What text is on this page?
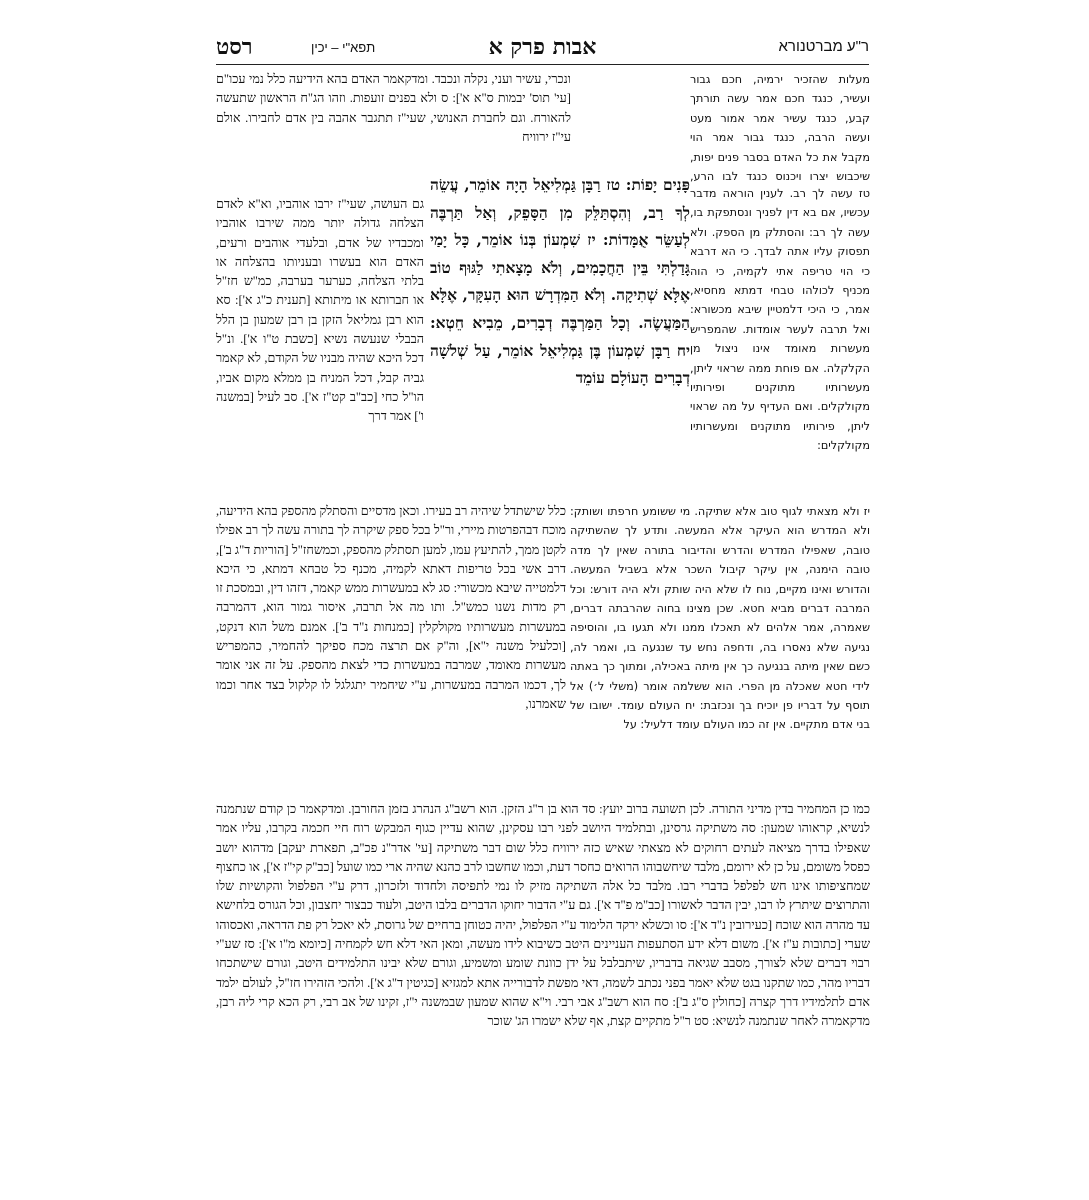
ר"ע מברטנורא
אבות פרק א
תפא"י – יכין
רסט

מעלות שהזכיר ירמיה, חכם גבור ועשיר, כנגד חכם אמר עשה תורתך קבע, כנגד עשיר אמר אמור מעט ועשה הרבה, כנגד גבור אמר הוי מקבל את כל האדם בסבר פנים יפות, שיכבוש יצרו ויכנוס כנגד לבו הרע,

טז עשה לך רב. לענין הוראה מדבר עכשיו, אם בא דין לפניך ונסתפקת בו, עשה לך רב: והסתלק מן הספק. ולא תפסוק עליו אתה לבדך. כי הא דרבא כי הוי טריפה אתי לקמיה, כי הוה מכניף לכולהו טבחי דמתא מחסיא, אמר, כי היכי דלמטיין שיבא מכשורא: ואל תרבה לעשר אומדות. שהמפריש מעשרות מאומד אינו ניצול מן הקלקלה. אם פוחת ממה שראוי ליתן, מעשרותיו מתוקנים ופירותיו מקולקלים. ואם העדיף על מה שראוי ליתן, פירותיו מתוקנים ומעשרותיו מקולקלים:

פָּנִים יָפוֹת: טז רַבָּן גַּמְלִיאֵל הָיָה אוֹמֵר, עֲשֵׂה לְךָ רַב, וְהִסְתַּלֵּק מִן הַסָּפֵק, וְאַל תַּרְבֶּה לְעַשֵּׂר אֻמָּדוֹת: יז שִׁמְעוֹן בְּנוֹ אוֹמֵר, כָּל יָמַי גָּדַלְתִּי בֵּין הַחֲכָמִים, וְלֹא מָצָאתִי לַגּוּף טוֹב אֶלָּא שְׁתִיקָה. וְלֹא הַמִּדְרָשׁ הוּא הָעִקָּר, אֶלָּא הַמַּעֲשֶׂה. וְכָל הַמַּרְבֶּה דְבָרִים, מֵבִיא חֵטְא: יח רַבָּן שִׁמְעוֹן בֶּן גַּמְלִיאֵל אוֹמֵר, עַל שְׁלשָׁה דְבָרִים הָעוֹלָם עוֹמֵד

יז ולא מצאתי לגוף טוב אלא שתיקה. מי ששומע חרפתו ושותק: ולא המדרש הוא העיקר אלא המעשה. ותדע לך שהשתיקה טובה, שאפילו המדרש והדרש והדיבור בתורה שאין לך מדה טובה הימנה, אין עיקר קיבול השכר אלא בשביל המעשה. והדורש ואינו מקיים, נוח לו שלא היה שותק ולא היה דורש: וכל המרבה דברים מביא חטא. שכן מצינו בחוה שהרבתה דברים, שאמרה, אמר אלהים לא תאכלו ממנו ולא תגעו בו, והוסיפה נגיעה שלא נאסרו בה, ודחפה נחש עד שנגעה בו, ואמר לה, כשם שאין מיתה בנגיעה כך אין מיתה באכילה, ומתוך כך באתה לידי חטא שאכלה מן הפרי. הוא ששלמה אומר (משלי ל׳) אל תוסף על דבריו פן יוכיח בך ונכזבת: יח העולם עומד. ישובו של בני אדם מתקיים. אין זה כמו העולם עומד דלעיל: על

ונכרי, עשיר ועני, נקלה ונכבד. ומדקאמר האדם בהא הידיעה כלל נמי עכו"ם [עי' תוס' יבמות ס"א א']: ס ולא בפנים זועפות. וזהו הג"ח הראשון שתעשה להאורח. וגם לחברת האנושי, שעי"ז תתגבר אהבה בין אדם לחבירו. אולם עי"ז ירוויח

גם העושה, שעי"ז ירבו אוהביו, וא"א לאדם הצלחה גדולה יותר ממה שירבו אוהביו ומכבדיו של אדם, ובלעדי אוהבים ורעים, האדם הוא בעשרו ובעניותו בהצלחה או בלתי הצלחה, כערער בערבה, כמ"ש חז"ל או חברותא או מיתותא [תענית כ"ג א']: סא הוא רבן גמליאל הזקן בן רבן שמעון בן הלל הבבלי שנעשה נשיא [כשבת ט"ו א']. ונ"ל דכל היכא שהיה מבניו של הקודם, לא קאמר גביה קבל, דכל המניח בן ממלא מקום אביו, הו"ל כחי [כב"ב קט"ז א']. סב לעיל [במשנה ו'] אמר דרך

כלל שישתדל שיהיה רב בעירו. וכאן מדסיים והסתלק מהספק בהא הידיעה, מוכח דבהפרטות מיירי, ור"ל בכל ספק שיקרה לך בתורה עשה לך רב אפילו לקטן ממך, להתיעץ עמו, למען תסתלק מהספק, וכמשחז"ל [הוריות ד"ג ב'], דרב אשי בכל טריפות דאתא לקמיה, מכנף כל טבחא דמתא, כי היכא דלמטייה שיבא מכשורי: סג לא במעשרות ממש קאמר, דזהו דין, ובמסכת זו רק מדות נשנו כמש"ל. ותו מה אל תרבה, איסור גמור הוא, דהמרבה במעשרות מעשרותיו מקולקלין [כמנחות נ"ד ב']. אמנם משל הוא דנקט, [וכלעיל משנה י"א], וה"ק אם תרצה מכח ספיקך להחמיר, כהמפריש מעשרות מאומד, שמרבה במעשרות כדי לצאת מהספק. על זה אני אומר לך, דכמו המרבה במעשרות, ע"י שיחמיר יתגלגל לו קלקול בצד אחר וכמו שאמרנו,

כמו כן המחמיר בדין מדיני התורה. לכן תשועה ברוב יועץ: סד הוא בן ר"ג הזקן. הוא רשב"ג הנהרג בזמן החורבן. ומדקאמר כן קודם שנתמנה לנשיא, קראוהו שמעון: סה משתיקה גרסינן, ובתלמיד היושב לפני רבו עסקינן, שהוא עדיין כגוף המבקש רוח חיי חכמה בקרבו, עליו אמר שאפילו בדרך מציאה לעתים רחוקים לא מצאתי שאיש כזה ירוויח כלל שום דבר משתיקה [עי' אדר"נ פכ"ב, תפארת יעקב] מדהוא יושב כפסל משומם, על כן לא ירומם, מלבד שיחשבוהו הרואים כחסר דעת, וכמו שחשבו לרב כהנא שהיה ארי כמו שועל [כב"ק קי"ז א'], או כחצוף שמחציפותו אינו חש לפלפל בדברי רבו. מלבד כל אלה השתיקה מזיק לו נמי לתפיסה ולחדוד ולזכרון, דרק ע"י הפלפול והקושיות שלו והתרוצים שיתרץ לו רבו, יבין הדבר לאשורו [כב"מ פ"ד א']. גם ע"י הדבור יחוקו הדברים בלבו היטב, ולעוד כבצור יחצבון, וכל הגורס בלחישא עד מהרה הוא שוכח [כעירובין נ"ד א']: סו וכשלא ירקד הלימוד ע"י הפלפול, יהיה כטוחן ברחיים של גרוסת, לא יאכל רק פת הדראה, ואכסוהו שערי [כתובות ע"ז א']. משום דלא ידע הסתעפות העניינים היטב כשיבוא לידו מעשה, ומאן האי דלא חש לקמחיה [כיומא מ"ו א']: סז שע"י רבוי דברים שלא לצורך, מסבב שגיאה בדבריו, שיתבלבל על ידן כוונת שומע ומשמיע, וגורם שלא יבינו התלמידים היטב, וגורם שישתכחו דבריו מהר, כמו שתקנו בגט שלא יאמר בפני נכתב לשמה, דאי מפשת לדבורייה אתא למגזיא [כגיטין ד"ג א']. ולהכי הזהירו חז"ל, לעולם ילמד אדם לתלמידיו דרך קצרה [כחולין ס"ג ב']: סח הוא רשב"ג אבי רבי. וי"א שהוא שמעון שבמשנה י"ז, זקינו של אב רבי, רק הכא קרי ליה רבן, מדקאמרה לאחר שנתמנה לנשיא: סט ר"ל מתקיים קצת, אף שלא ישמרו הג' שוכר
